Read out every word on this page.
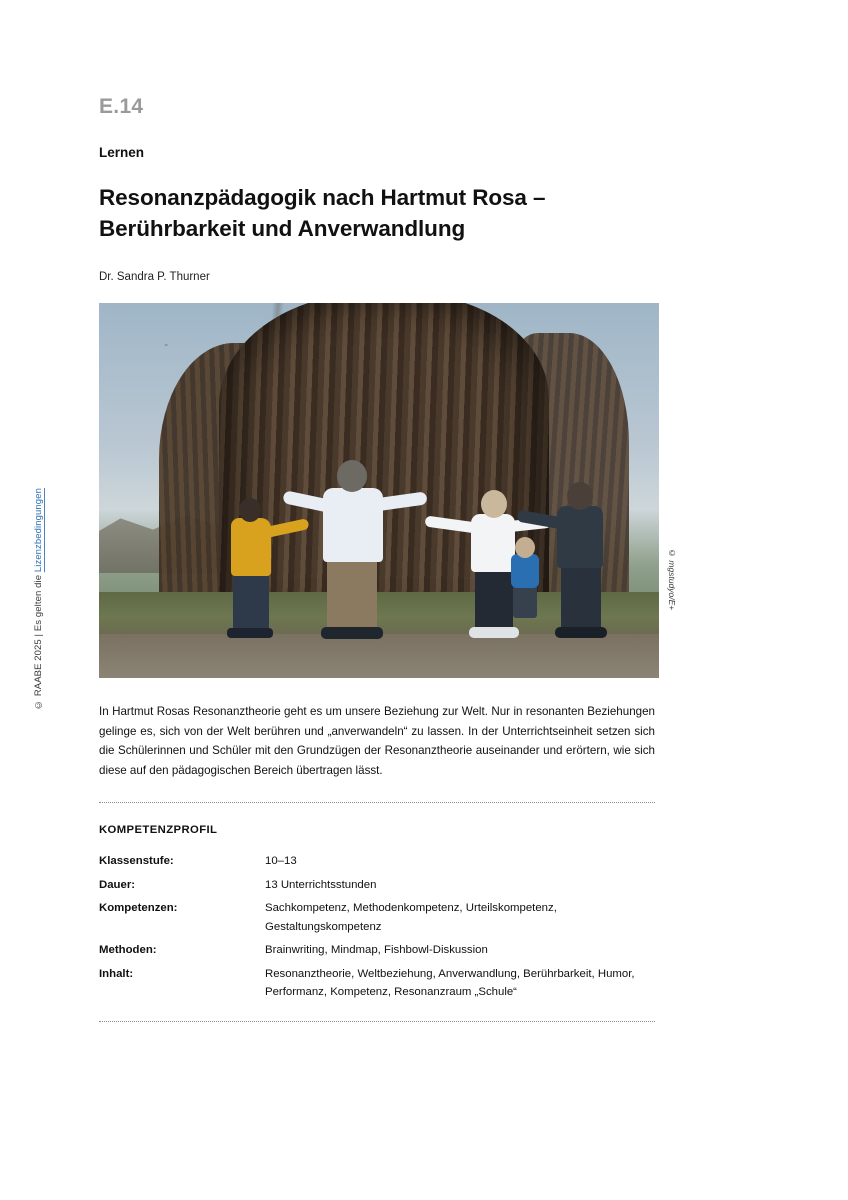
© RAABE 2025 | Es gelten die Lizenzbedingungen
E.14
Lernen
Resonanzpädagogik nach Hartmut Rosa – Berührbarkeit und Anverwandlung
Dr. Sandra P. Thurner
© mgstudyo/E+

In Hartmut Rosas Resonanztheorie geht es um unsere Beziehung zur Welt. Nur in resonanten Beziehungen gelinge es, sich von der Welt berühren und „anverwandeln“ zu lassen. In der Unterrichtseinheit setzen sich die Schülerinnen und Schüler mit den Grundzügen der Resonanztheorie auseinander und erörtern, wie sich diese auf den pädagogischen Bereich übertragen lässt.

KOMPETENZPROFIL
Klassenstufe:	10–13
Dauer:	13 Unterrichtsstunden
Kompetenzen:	Sachkompetenz, Methodenkompetenz, Urteilskompetenz, Gestaltungskompetenz
Methoden:	Brainwriting, Mindmap, Fishbowl-Diskussion
Inhalt:	Resonanztheorie, Weltbeziehung, Anverwandlung, Berührbarkeit, Humor, Performanz, Kompetenz, Resonanzraum „Schule“
